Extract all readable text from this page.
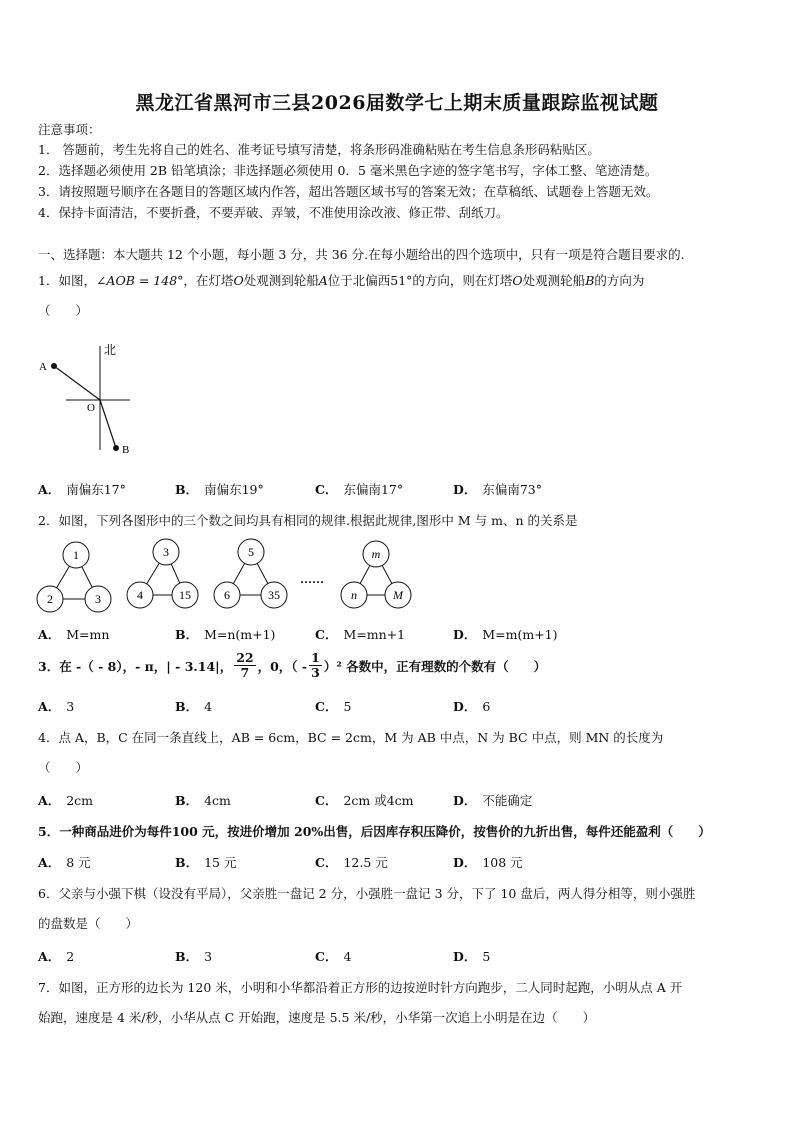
黑龙江省黑河市三县2026届数学七上期末质量跟踪监视试题
注意事项：
1． 答题前，考生先将自己的姓名、准考证号填写清楚，将条形码准确粘贴在考生信息条形码粘贴区。
2．选择题必须使用 2B 铅笔填涂；非选择题必须使用 0．5 毫米黑色字迹的签字笔书写，字体工整、笔迹清楚。
3．请按照题号顺序在各题目的答题区域内作答，超出答题区域书写的答案无效；在草稿纸、试题卷上答题无效。
4．保持卡面清洁，不要折叠，不要弄破、弄皱，不准使用涂改液、修正带、刮纸刀。
一、选择题：本大题共 12 个小题，每小题 3 分，共 36 分.在每小题给出的四个选项中，只有一项是符合题目要求的.
1．如图，∠AOB = 148°，在灯塔O处观测到轮船A位于北偏西51°的方向，则在灯塔O处观测轮船B的方向为
（　　）
北
A
O
B
A． 南偏东17°	B． 南偏东19°	C． 东偏南17°	D． 东偏南73°
2．如图，下列各图形中的三个数之间均具有相同的规律.根据此规律,图形中 M 与 m、n 的关系是
1
2	3
3
4	15
5
6	35
……
m
n	M
A． M=mn	B． M=n(m+1)	C． M=mn+1	D． M=m(m+1)
3．在 -（ - 8），- π，| - 3.14|， $\frac{22}{7}$ ，0，（ - $\frac{1}{3} )^2$ 各数中，正有理数的个数有（　　）
A． 3	B． 4	C． 5	D． 6
4．点 A，B，C 在同一条直线上，AB = 6cm，BC = 2cm，M 为 AB 中点，N 为 BC 中点，则 MN 的长度为
（　　）
A． 2cm	B． 4cm	C． 2cm 或4cm	D． 不能确定
5．一种商品进价为每件100 元，按进价增加 20%出售，后因库存积压降价，按售价的九折出售，每件还能盈利（　　）
A． 8 元	B． 15 元	C． 12.5 元	D． 108 元
6．父亲与小强下棋（设没有平局），父亲胜一盘记 2 分，小强胜一盘记 3 分，下了 10 盘后，两人得分相等，则小强胜
的盘数是（　　）
A． 2	B． 3	C． 4	D． 5
7．如图，正方形的边长为 120 米，小明和小华都沿着正方形的边按逆时针方向跑步，二人同时起跑，小明从点 A 开
始跑，速度是 4 米/秒，小华从点 C 开始跑，速度是 5.5 米/秒，小华第一次追上小明是在边（　　）
